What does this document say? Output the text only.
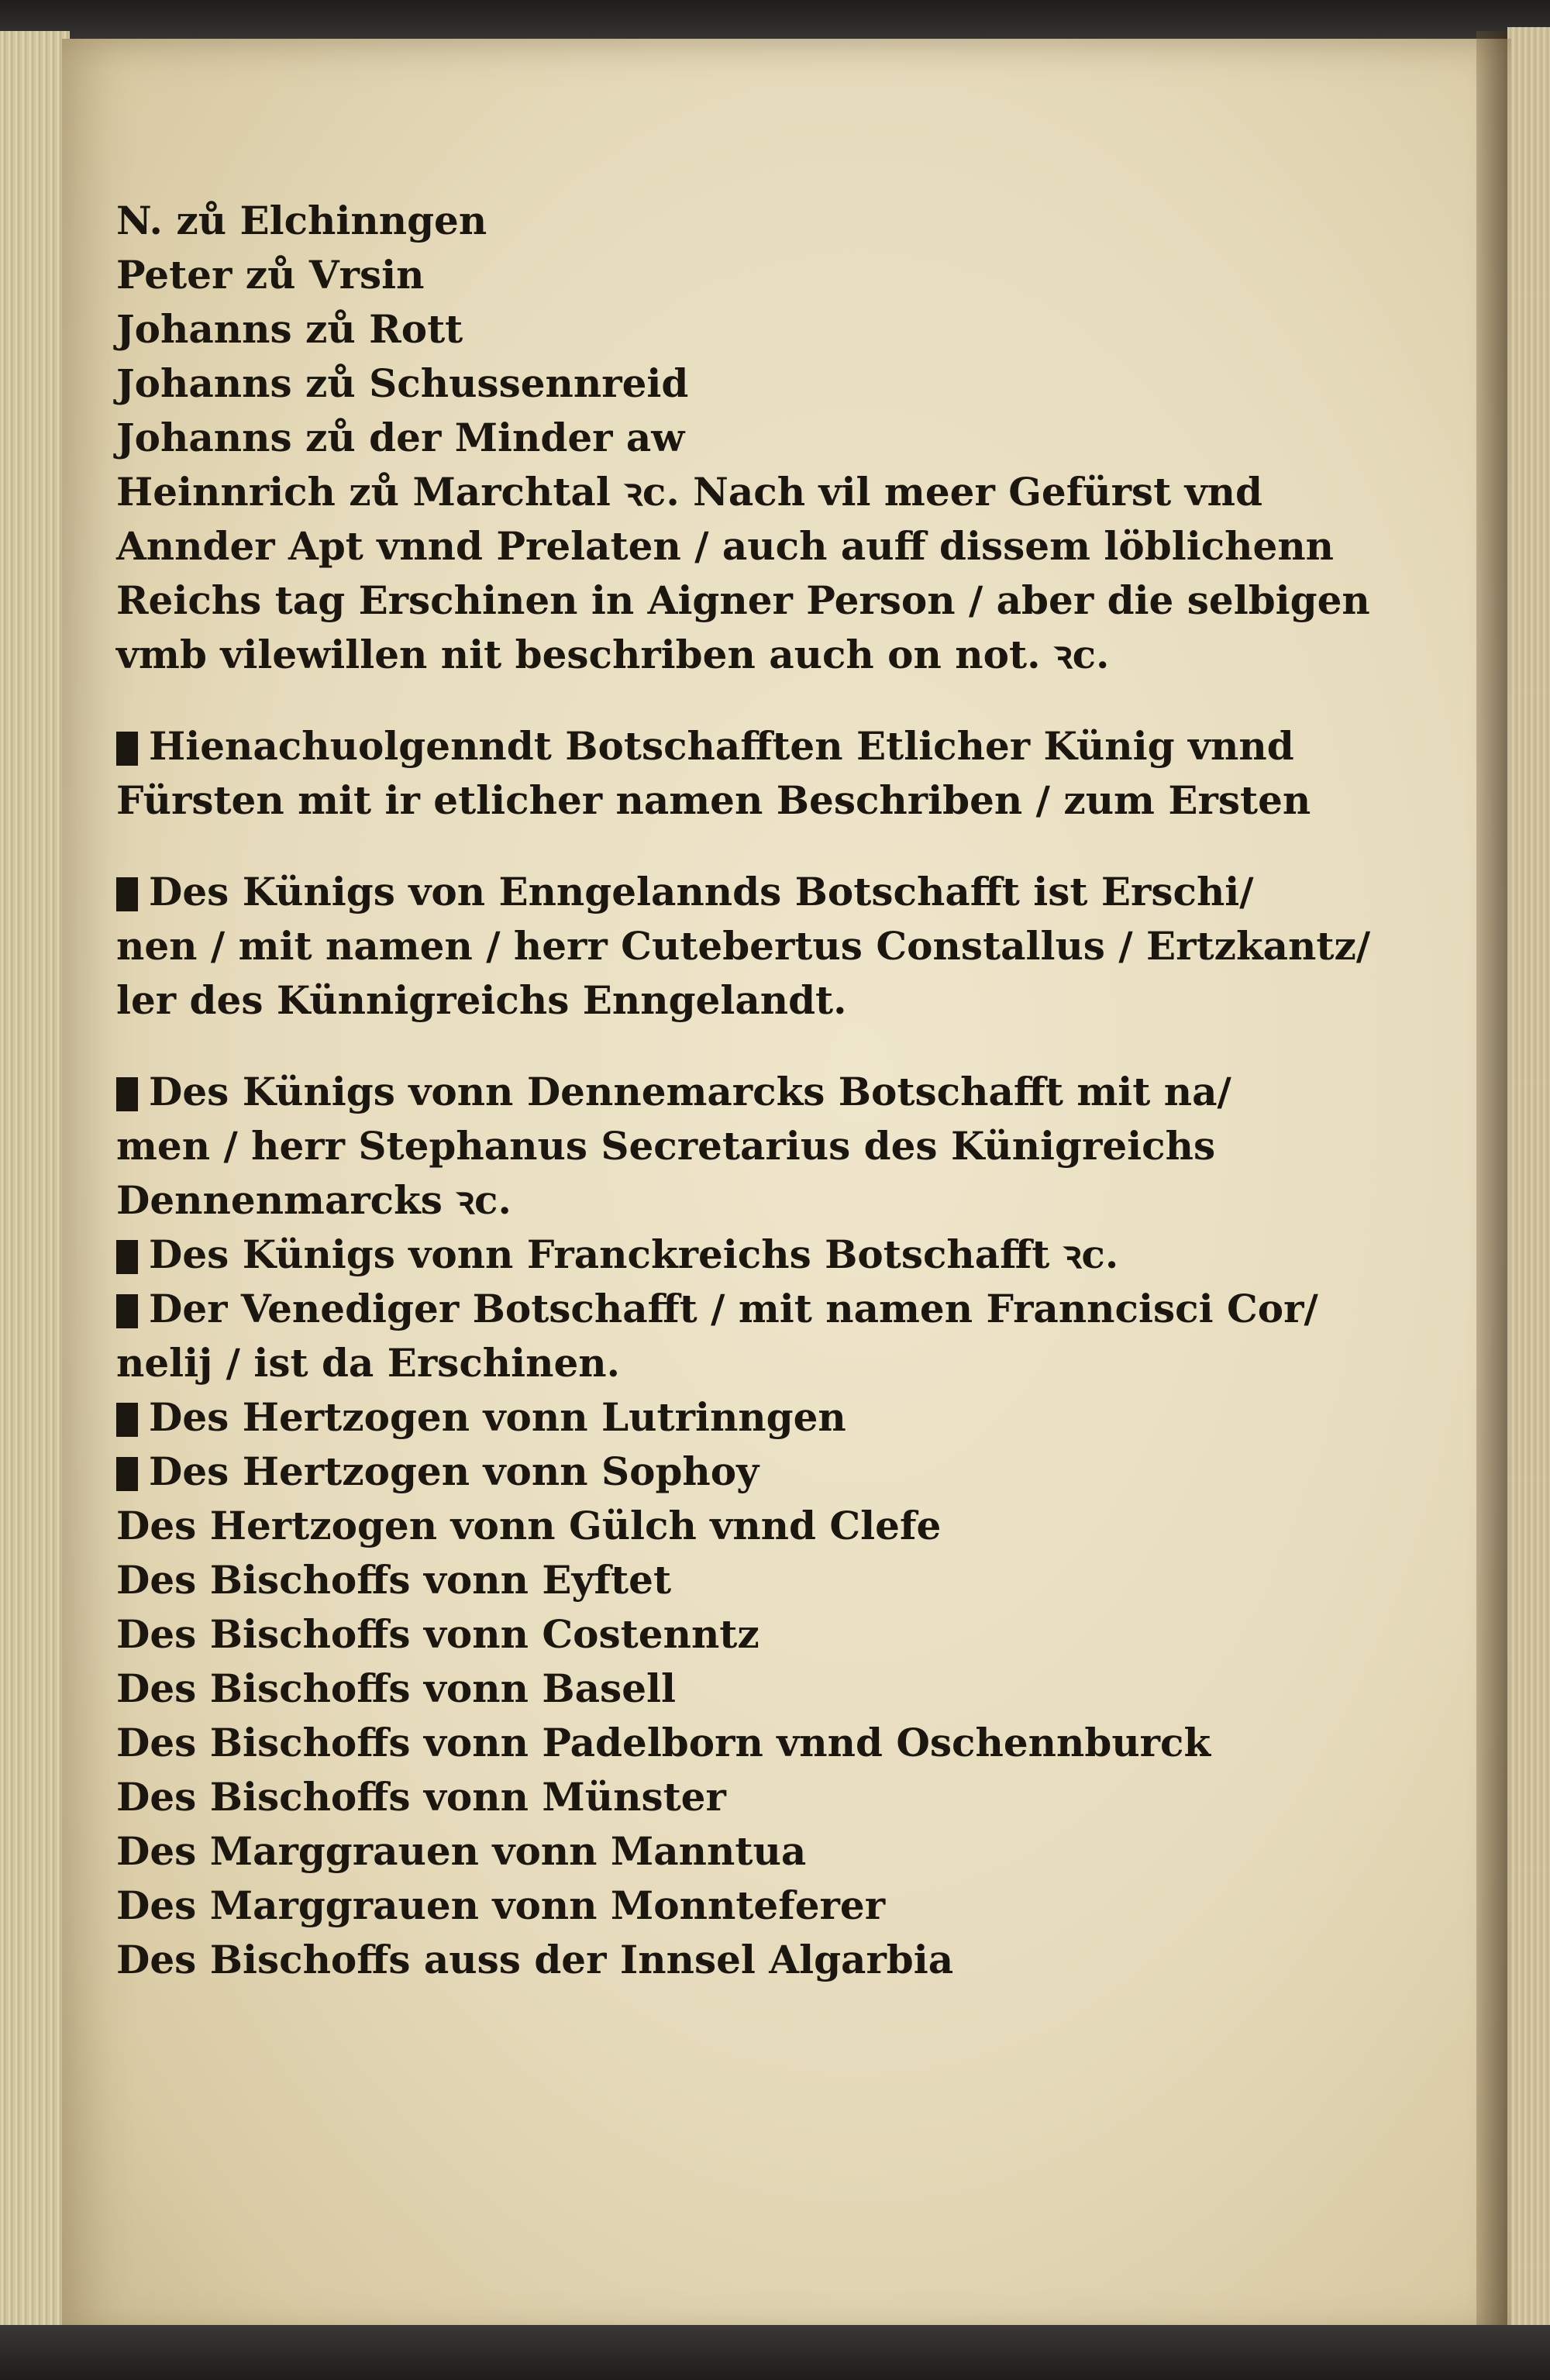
N. zů Elchinngen
Peter zů Vrsin
Johanns zů Rott
Johanns zů Schussennreid
Johanns zů der Minder aw
Heinnrich zů Marchtal ꝛc. Nach vil meer Gefürst vnd
Annder Apt vnnd Prelaten / auch auff dissem löblichenn
Reichs tag Erschinen in Aigner Person / aber die selbigen
vmb vilewillen nit beschriben auch on not. ꝛc.
Hienachuolgenndt Botschafften Etlicher Künig vnnd
Fürsten mit ir etlicher namen Beschriben / zum Ersten
Des Künigs von Enngelannds Botschafft ist Erschi/
nen / mit namen / herr Cutebertus Constallus / Ertzkantz/
ler des Künnigreichs Enngelandt.
Des Künigs vonn Dennemarcks Botschafft mit na/
men / herr Stephanus Secretarius des Künigreichs
Dennenmarcks ꝛc.
Des Künigs vonn Franckreichs Botschafft ꝛc.
Der Venediger Botschafft / mit namen Frannciscі Cor/
nelij / ist da Erschinen.
Des Hertzogen vonn Lutrinngen
Des Hertzogen vonn Sophoy
Des Hertzogen vonn Gülch vnnd Clefe
Des Bischoffs vonn Eyftet
Des Bischoffs vonn Costenntz
Des Bischoffs vonn Basell
Des Bischoffs vonn Padelborn vnnd Oschennburck
Des Bischoffs vonn Münster
Des Marggrauen vonn Manntua
Des Marggrauen vonn Monnteferer
Des Bischoffs auss der Innsel Algarbia
